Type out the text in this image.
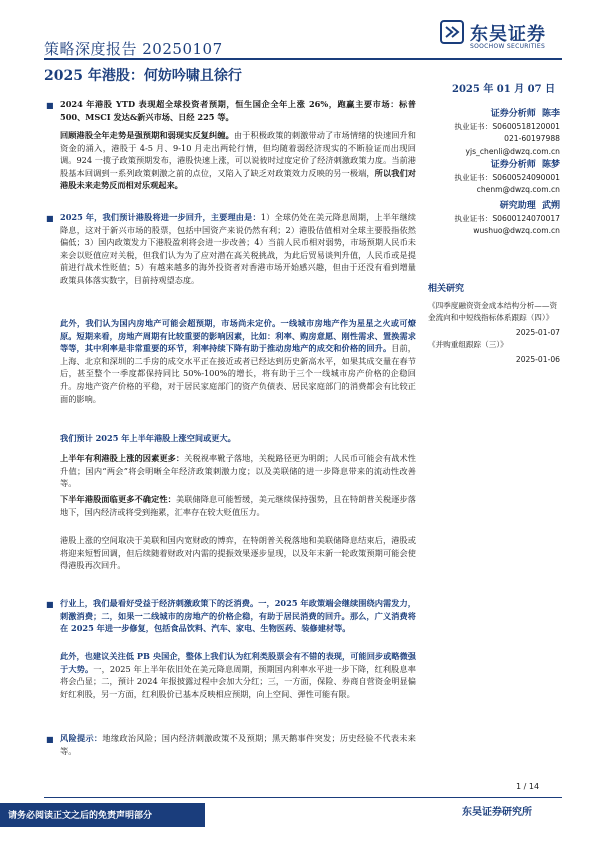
策略深度报告 20250107
东吴证券
SOOCHOW SECURITIES
2025 年港股：何妨吟啸且徐行
2025 年 01 月 07 日
■ 2024 年港股 YTD 表现超全球投资者预期，恒生国企全年上涨 26%，跑赢主要市场：标普 500、MSCI 发达&新兴市场、日经 225 等。

回顾港股全年走势是强预期和弱现实反复纠缠。由于积极政策的刺激带动了市场情绪的快速回升和资金的涌入，港股于 4-5 月、9-10 月走出两轮行情，但均随着弱经济现实的不断验证而出现回调。924 一揽子政策预期发布，港股快速上涨，可以说彼时过度定价了经济刺激政策力度。当前港股基本回调到一系列政策刺激之前的点位，又陷入了缺乏对政策效力反映的另一极端，所以我们对港股未来走势反而相对乐观起来。

■ 2025 年，我们预计港股将进一步回升，主要理由是：1）全球仍处在美元降息周期，上半年继续降息，这对于新兴市场的股票，包括中国资产来说仍然有利；2）港股估值相对全球主要股指依然偏低；3）国内政策发力下港股盈利将会进一步改善；4）当前人民币相对弱势，市场预期人民币未来会以贬值应对关税，但我们认为为了应对潜在高关税挑战，为此后贸易谈判升值，人民币或是提前进行战术性贬值；5）有越来越多的海外投资者对香港市场开始感兴趣，但由于还没有看到增量政策具体落实数字，目前持观望态度。

此外，我们认为国内房地产可能会超预期，市场尚未定价。一线城市房地产作为星星之火或可燎原。短期来看，房地产周期有比较重要的影响因素，比如：利率、购房意愿、刚性需求、置换需求等等，其中利率是非常重要的环节，利率持续下降有助于推动房地产的成交和价格的回升。目前，上海、北京和深圳的二手房的成交水平正在接近或者已经达到历史新高水平，如果其成交量在春节后，甚至整个一季度都保持同比 50%-100%的增长，将有助于三个一线城市房产价格的企稳回升。房地产资产价格的平稳，对于居民家庭部门的资产负债表、居民家庭部门的消费都会有比较正面的影响。

我们预计 2025 年上半年港股上涨空间或更大。

上半年有利港股上涨的因素更多：关税视率靴子落地，关税路径更为明朗；人民币可能会有战术性升值；国内“两会”将会明晰全年经济政策刺激力度；以及美联储的进一步降息带来的流动性改善等。

下半年港股面临更多不确定性：美联储降息可能暂缓，美元继续保持强势，且在特朗普关税逐步落地下，国内经济或将受到拖累，汇率存在较大贬值压力。

港股上涨的空间取决于美联和国内宽财政的博弈，在特朗普关税落地和美联储降息结束后，港股或将迎来短暂回调，但后续随着财政对内需的提振效果逐步显现，以及年末新一轮政策预期可能会使得港股再次回升。

■ 行业上，我们最看好受益于经济刺激政策下的泛消费。一，2025 年政策端会继续围绕内需发力，刺激消费；二，如果一二线城市的房地产的价格企稳，有助于居民消费的回升。那么，广义消费将在 2025 年进一步修复，包括食品饮料、汽车、家电、生物医药、装修建材等。

此外，也建议关注低 PB 央国企，整体上我们认为红利类股票会有不错的表现，可能回步或略微强于大势。一，2025 年上半年依旧处在美元降息周期，预期国内利率水平进一步下降，红利股息率将会凸显；二，預计 2024 年报披露过程中会加大分红；三，一方面，保险、券商自营资金明显偏好红利股，另一方面，红利股价已基本反映相应预期，向上空间、弹性可能有限。

■ 风险提示：地缘政治风险；国内经济刺激政策不及预期；黑天鹅事件突发；历史经验不代表未来等。

证券分析师 陈李
执业证书：S0600518120001
021-60197988
yjs_chenli@dwzq.com.cn
证券分析师 陈梦
执业证书：S0600524090001
chenm@dwzq.com.cn
研究助理 武朔
执业证书：S0600124070017
wushuo@dwzq.com.cn
相关研究
《四季度融资资金成本结构分析——资金流向和中短线指标体系跟踪（四）》
2025-01-07
《并购重组跟踪（三）》
2025-01-06
1 / 14
请务必阅读正文之后的免责声明部分	东吴证券研究所
